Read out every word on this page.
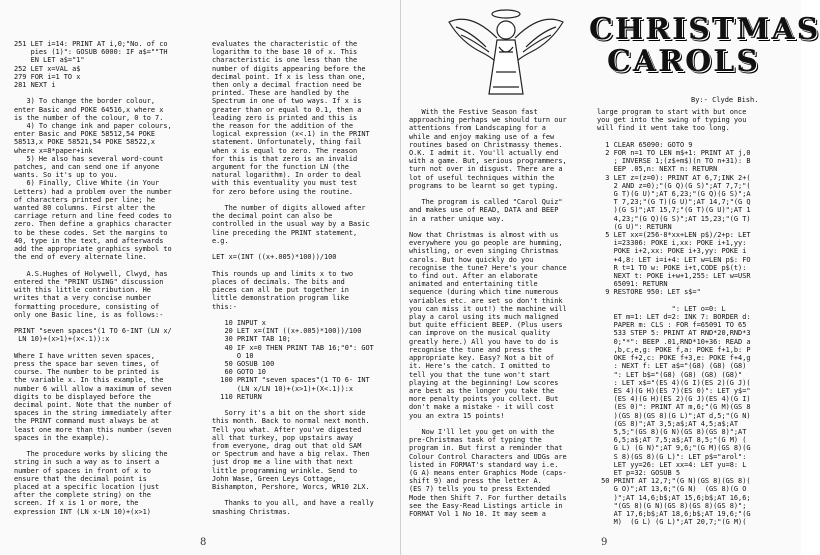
251 LET i=14: PRINT AT i,0;"No. of co
pies (1)": GOSUB 6000: IF a$=""TH
EN LET a$="1"
252 LET x=VAL a$
279 FOR i=1 TO x
281 NEXT i

3) To change the border colour,
enter Basic and POKE 64516,x where x
is the number of the colour, 0 to 7.
4) To change ink and paper colours,
enter Basic and POKE 58512,54 POKE
58513,x POKE 58521,54 POKE 58522,x
where x=8*paper+ink
5) He also has several word-count
patches, and can send one if anyone
wants. So it's up to you.
6) Finally, Clive White (in Your
Letters) had a problem over the number
of characters printed per line; he
wanted 80 columns. First alter the
carriage return and line feed codes to
zero. Then define a graphics character
to be these codes. Set the margins to
40, type in the text, and afterwards
add the appropriate graphics symbol to
the end of every alternate line.

A.S.Hughes of Holywell, Clwyd, has
entered the "PRINT USING" discussion
with this little contribution. He
writes that a very concise number
formatting procedure, consisting of
only one Basic line, is as follows:-

PRINT "seven spaces"(1 TO 6-INT (LN x/
LN 10)+(x>1)+(x<.1)):x

Where I have written seven spaces,
press the space bar seven times, of
course. The number to be printed is
the variable x. In this example, the
number 6 will allow a maximum of seven
digits to be displayed before the
decimal point. Note that the number of
spaces in the string immediately after
the PRINT command must always be at
least one more than this number (seven
spaces in the example).

The procedure works by slicing the
string in such a way as to insert a
number of spaces in front of x to
ensure that the decimal point is
placed at a specific location (just
after the complete string) on the
screen. If x is 1 or more, the
expression INT (LN x-LN 10)+(x>1)
evaluates the characteristic of the
logarithm to the base 10 of x. This
characteristic is one less than the
number of digits appearing before the
decimal point. If x is less than one,
then only a decimal fraction need be
printed. These are handled by the
Spectrum in one of two ways. If x is
greater than or equal to 0.1, then a
leading zero is printed and this is
the reason for the addition of the
logical expression (x<.1) in the PRINT
statement. Unfortunately, thing fail
when x is equal to zero. The reason
for this is that zero is an invalid
argument for the function LN (the
natural logarithm). In order to deal
with this eventuality you must test
for zero before using the routine.

The number of digits allowed after
the decimal point can also be
controlled in the usual way by a Basic
line preceding the PRINT statement,
e.g.

LET x=(INT ((x+.005)*100))/100

This rounds up and limits x to two
places of decimals. The bits and
pieces can all be put together in
little demonstration program like
this:-

10 INPUT x
20 LET x=(INT ((x+.005)*100))/100
30 PRINT TAB 10;
40 IF x=0 THEN PRINT TAB 16;"0": GOT
O 10
50 GOSUB 100
60 GOTO 10
100 PRINT "seven spaces"(1 TO 6- INT
(LN x/LN 10)+(x>1)+(X<.1)):x
110 RETURN

Sorry it's a bit on the short side
this month. Back to normal next month.
Tell you what. After you've digested
all that turkey, pop upstairs away
from everyone, drag out that old SAM
or Spectrum and have a big relax. Then
just drop me a line with that next
little programming wrinkle. Send to
John Wase, Green Leys Cottage,
Bishampton, Pershore, Worcs, WR10 2LX.

Thanks to you all, and have a really
smashing Christmas.
8
CHRISTMAS
CAROLS
By:- Clyde Bish.
With the Festive Season fast
approaching perhaps we should turn our
attentions from Landscaping for a
while and enjoy making use of a few
routines based on Christmassy themes.
O.K. I admit it. You'll actually end
with a game. But, serious programmers,
turn not over in disgust. There are a
lot of useful techniques within the
programs to be learnt so get typing.

The program is called "Carol Quiz"
and makes use of READ, DATA and BEEP
in a rather unique way.

Now that Christmas is almost with us
everywhere you go people are humming,
whistling, or even singing Christmas
carols. But how quickly do you
recognise the tune? Here's your chance
to find out. After an elaborate
animated and entertaining title
sequence (during which time numerous
variables etc. are set so don't think
you can miss it out!) the machine will
play a carol using its much maligned
but quite efficient BEEP. (Plus users
can improve on the musical quality
greatly here.) All you have to do is
recognise the tune and press the
appropriate key. Easy? Not a bit of
it. Here's the catch. I omitted to
tell you that the tune won't start
playing at the beginning! Low scores
are best as the longer you take the
more penalty points you collect. But
don't make a mistake - it will cost
you an extra 15 points!

Now I'll let you get on with the
pre-Christmas task of typing the
program in. But first a reminder that
Colour Control Characters and UDGs are
listed in FORMAT's standard way i.e.
(G A) means enter Graphics Mode (caps-
shift 9) and press the letter A.
(ES 7) tells you to press Extended
Mode then Shift 7. For further details
see the Easy-Read Listings article in
FORMAT Vol 1 No 10. It may seem a
large program to start with but once
you get into the swing of typing you
will find it went take too long.

1 CLEAR 65090: GOTO 9
2 FOR n=1 TO LEN m$+1: PRINT AT j,0
; INVERSE 1;(z$+m$)(n TO n+31): B
EEP .05,n: NEXT n: RETURN
3 LET z=(z=0): PRINT AT 6,7;INK 2+(
2 AND z=0);"(G Q)(G S)";AT 7,7;"(
G T)(G U)";AT 6,23;"(G Q)(G S)";A
T 7,23;"(G T)(G U)";AT 14,7;"(G Q
)(G S)";AT 15,7;"(G T)(G U)";AT 1
4,23;"(G Q)(G S)";AT 15,23;"(G T)
(G U)": RETURN
5 LET xx=(256-8*xx+LEN p$)/2+p: LET
i=23306: POKE i,xx: POKE i+1,yy:
POKE i+2,xx: POKE i+3,yy: POKE i
+4,8: LET i=i+4: LET w=LEN p$: FO
R t=1 TO w: POKE i+t,CODE p$(t):
NEXT t: POKE i+w+1,255: LET w=USR
65091: RETURN
9 RESTORE 950: LET s$="

": LET o=0: L
ET m=1: LET d=2: INK 7: BORDER d:
PAPER m: CLS : FOR f=65091 TO 65
533 STEP 5: PRINT AT RND*20,RND*3
0;"*": BEEP .01,RND*10+36: READ a
,b,c,e,g: POKE f,a: POKE f+1,b: P
OKE f+2,c: POKE f+3,e: POKE f+4,g
: NEXT f: LET a$="(G8) (G8) (G8)
": LET b$="(G8) (G8) (G8) (G8)"
: LET x$="(ES 4)(G I)(ES 2)(G J)(
ES 4)(G H)(ES 7)(ES 0)": LET y$="
(ES 4)(G H)(ES 2)(G J)(ES 4)(G I)
(ES 0)": PRINT AT m,6;"(G M)(GS 8
)(GS 8)(GS 8)(G L)";AT d,5;"(G N)
(GS 8)";AT 3,5;a$;AT 4,5;a$;AT
5,5;"(GS 8)(G N)(GS 8)(GS 8)";AT
6,5;a$;AT 7,5;a$;AT 8,5;"(G M) (
G L) (G N)";AT 9,6;"(G M)(GS 8)(G
S 8)(GS 8)(G L)": LET p$="arol":
LET yy=26: LET xx=4: LET yu=8: L
ET p=32: GOSUB 5
50 PRINT AT 12,7;"(G N)(GS 8)(GS 8)(
G O)";AT 13,6;"(G N)  (GS 8)(G O
)";AT 14,6;b$;AT 15,6;b$;AT 16,6;
"(GS 8)(G N)(GS 8)(GS 8)(GS 8)";
AT 17,6;b$;AT 18,6;b$;AT 19,6;"(G
M)  (G L) (G L)";AT 20,7;"(G M)(
9
